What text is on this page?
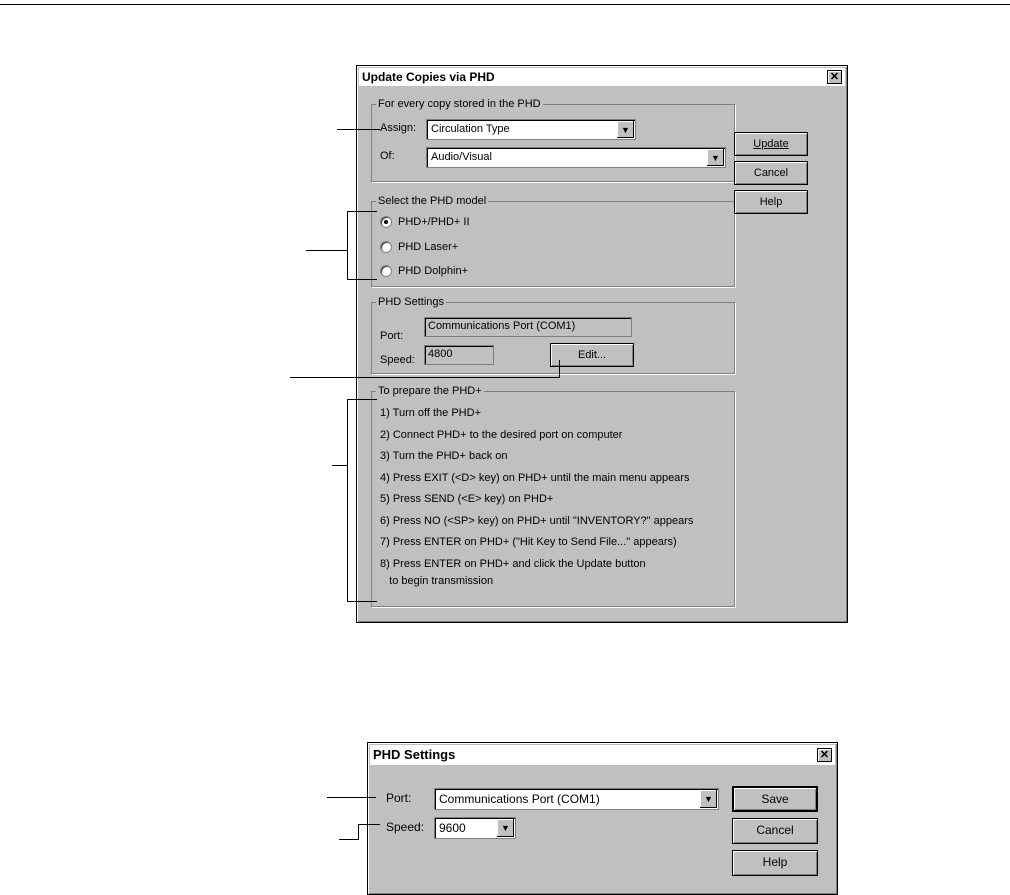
Update Copies via PHD	✕
For every copy stored in the PHD
Assign: Circulation Type	▼
Of:	Audio/Visual	▼
Select the PHD model
PHD+/PHD+ II
PHD Laser+
PHD Dolphin+
PHD Settings
Port:
Communications Port (COM1)
Speed: 4800	Edit...
To prepare the PHD+
1) Turn off the PHD+
2) Connect PHD+ to the desired port on computer
3) Turn the PHD+ back on
4) Press EXIT (<D> key) on PHD+ until the main menu appears
5) Press SEND (<E> key) on PHD+
6) Press NO (<SP> key) on PHD+ until "INVENTORY?" appears
7) Press ENTER on PHD+ ("Hit Key to Send File..." appears)
8) Press ENTER on PHD+ and click the Update button
to begin transmission
Update
Cancel
Help
PHD Settings	✕
Port: Communications Port (COM1)	▼
Speed: 9600	▼
Save
Cancel
Help
